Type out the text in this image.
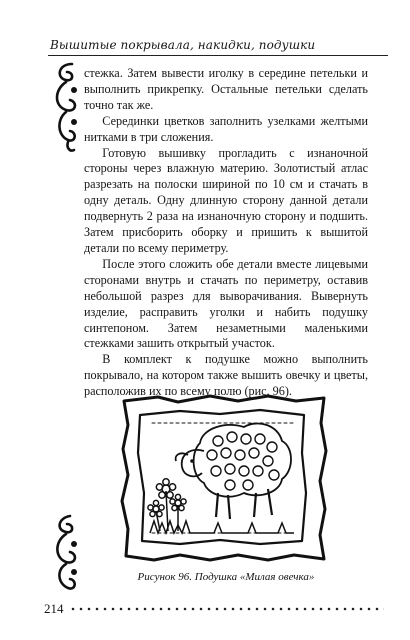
Вышитые покрывала, накидки, подушки

стежка. Затем вывести иголку в середине петельки и выполнить прикрепку. Остальные петельки сделать точно так же.

Серединки цветков заполнить узелками желтыми нитками в три сложения.

Готовую вышивку прогладить с изнаночной стороны через влажную материю. Золотистый атлас разрезать на полоски шириной по 10 см и стачать в одну деталь. Одну длинную сторону данной детали подвернуть 2 раза на изнаночную сторону и подшить. Затем присборить оборку и пришить к вышитой детали по всему периметру.

После этого сложить обе детали вместе лицевыми сторонами внутрь и стачать по периметру, оставив небольшой разрез для выворачивания. Вывернуть изделие, расправить уголки и набить подушку синтепоном. Затем незаметными маленькими стежками зашить открытый участок.

В комплект к подушке можно выполнить покрывало, на котором также вышить овечку и цветы, расположив их по всему полю (рис. 96).

Рисунок 96. Подушка «Милая овечка»
214
